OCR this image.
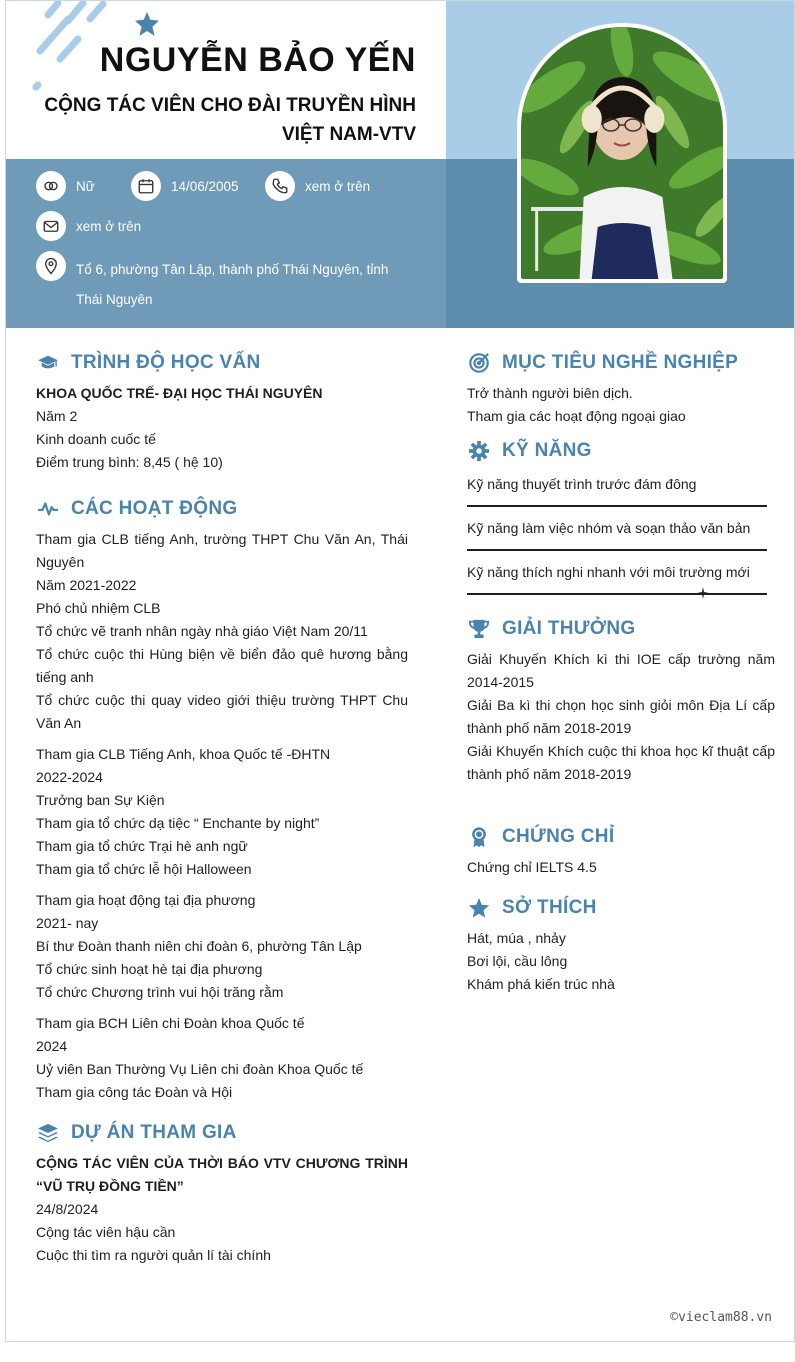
NGUYỄN BẢO YẾN
CỘNG TÁC VIÊN CHO ĐÀI TRUYỀN HÌNH VIỆT NAM-VTV
Nữ	14/06/2005	xem ở trên
xem ở trên
Tổ 6, phường Tân Lập, thành phố Thái Nguyên, tỉnh Thái Nguyên
TRÌNH ĐỘ HỌC VẤN
KHOA QUỐC TRẾ- ĐẠI HỌC THÁI NGUYÊN
Năm 2
Kinh doanh cuốc tế
Điểm trung bình: 8,45 ( hệ 10)
CÁC HOẠT ĐỘNG
Tham gia CLB tiếng Anh, trường THPT Chu Văn An, Thái Nguyên
Năm 2021-2022
Phó chủ nhiệm CLB
Tổ chức vẽ tranh nhân ngày nhà giáo Việt Nam 20/11
Tổ chức cuộc thi Hùng biện về biển đảo quê hương bằng tiếng anh
Tổ chức cuộc thi quay video giới thiệu trường THPT Chu Văn An
Tham gia CLB Tiếng Anh, khoa Quốc tế -ĐHTN
2022-2024
Trưởng ban Sự Kiện
Tham gia tổ chức dạ tiệc “ Enchante by night”
Tham gia tổ chức Trại hè anh ngữ
Tham gia tổ chức lễ hội Halloween
Tham gia hoạt động tại địa phương
2021- nay
Bí thư Đoàn thanh niên chi đoàn 6, phường Tân Lập
Tổ chức sinh hoạt hè tại địa phương
Tổ chức Chương trình vui hội trăng rằm
Tham gia BCH Liên chi Đoàn khoa Quốc tế
2024
Uỷ viên Ban Thường Vụ Liên chi đoàn Khoa Quốc tế
Tham gia công tác Đoàn và Hội
DỰ ÁN THAM GIA
CỘNG TÁC VIÊN CỦA THỜI BÁO VTV CHƯƠNG TRÌNH “VŨ TRỤ ĐỒNG TIỀN”
24/8/2024
Cộng tác viên hậu cần
Cuộc thi tìm ra người quản lí tài chính
MỤC TIÊU NGHỀ NGHIỆP
Trở thành người biên dịch.
Tham gia các hoạt động ngoại giao
KỸ NĂNG
Kỹ năng thuyết trình trước đám đông
Kỹ năng làm việc nhóm và soạn thảo văn bản
Kỹ năng thích nghi nhanh với môi trường mới
GIẢI THƯỞNG
Giải Khuyến Khích kì thi IOE cấp trường năm 2014-2015
Giải Ba kì thi chọn học sinh giỏi môn Địa Lí cấp thành phố năm 2018-2019
Giải Khuyến Khích cuộc thi khoa học kĩ thuật cấp thành phố năm 2018-2019
CHỨNG CHỈ
Chứng chỉ IELTS 4.5
SỞ THÍCH
Hát, múa , nhảy
Bơi lội, cầu lông
Khám phá kiến trúc nhà
©vieclam88.vn
